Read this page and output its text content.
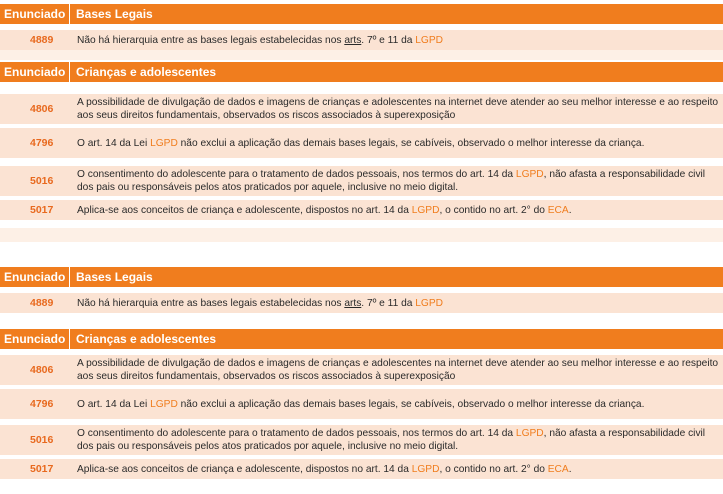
Enunciado Bases Legais
4889	Não há hierarquia entre as bases legais estabelecidas nos arts. 7º e 11 da LGPD
Enunciado Crianças e adolescentes
4806	A possibilidade de divulgação de dados e imagens de crianças e adolescentes na internet deve atender ao seu melhor interesse e ao respeito aos seus direitos fundamentais, observados os riscos associados à superexposição
4796	O art. 14 da Lei LGPD não exclui a aplicação das demais bases legais, se cabíveis, observado o melhor interesse da criança.
5016	O consentimento do adolescente para o tratamento de dados pessoais, nos termos do art. 14 da LGPD, não afasta a responsabilidade civil dos pais ou responsáveis pelos atos praticados por aquele, inclusive no meio digital.
5017	Aplica-se aos conceitos de criança e adolescente, dispostos no art. 14 da LGPD, o contido no art. 2° do ECA.
Enunciado Bases Legais
4889	Não há hierarquia entre as bases legais estabelecidas nos arts. 7º e 11 da LGPD
Enunciado Crianças e adolescentes
4806	A possibilidade de divulgação de dados e imagens de crianças e adolescentes na internet deve atender ao seu melhor interesse e ao respeito aos seus direitos fundamentais, observados os riscos associados à superexposição
4796	O art. 14 da Lei LGPD não exclui a aplicação das demais bases legais, se cabíveis, observado o melhor interesse da criança.
5016	O consentimento do adolescente para o tratamento de dados pessoais, nos termos do art. 14 da LGPD, não afasta a responsabilidade civil dos pais ou responsáveis pelos atos praticados por aquele, inclusive no meio digital.
5017	Aplica-se aos conceitos de criança e adolescente, dispostos no art. 14 da LGPD, o contido no art. 2° do ECA.
